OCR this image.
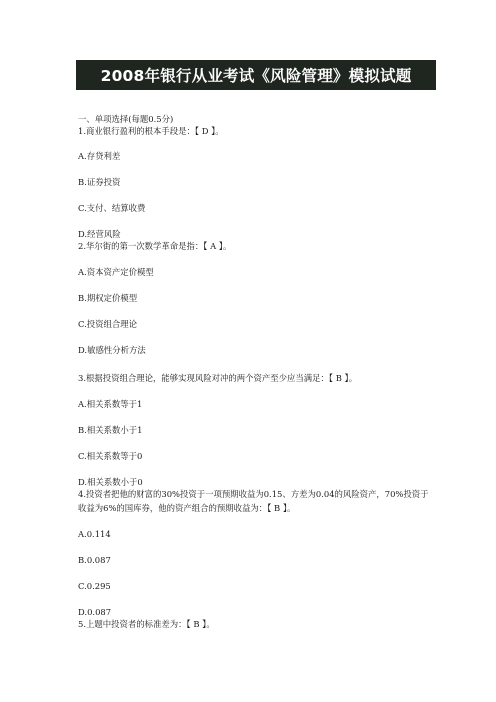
2008年银行从业考试《风险管理》模拟试题
一、单项选择(每题0.5分)
1.商业银行盈利的根本手段是：【 D 】。
A.存贷利差
B.证券投资
C.支付、结算收费
D.经营风险
2.华尔街的第一次数学革命是指：【 A 】。
A.资本资产定价模型
B.期权定价模型
C.投资组合理论
D.敏感性分析方法
3.根据投资组合理论，能够实现风险对冲的两个资产至少应当满足：【 B 】。
A.相关系数等于1
B.相关系数小于1
C.相关系数等于0
D.相关系数小于0
4.投资者把他的财富的30%投资于一项预期收益为0.15、方差为0.04的风险资产，70%投资于
收益为6%的国库券，他的资产组合的预期收益为：【 B 】。
A.0.114
B.0.087
C.0.295
D.0.087
5.上题中投资者的标准差为：【 B 】。
